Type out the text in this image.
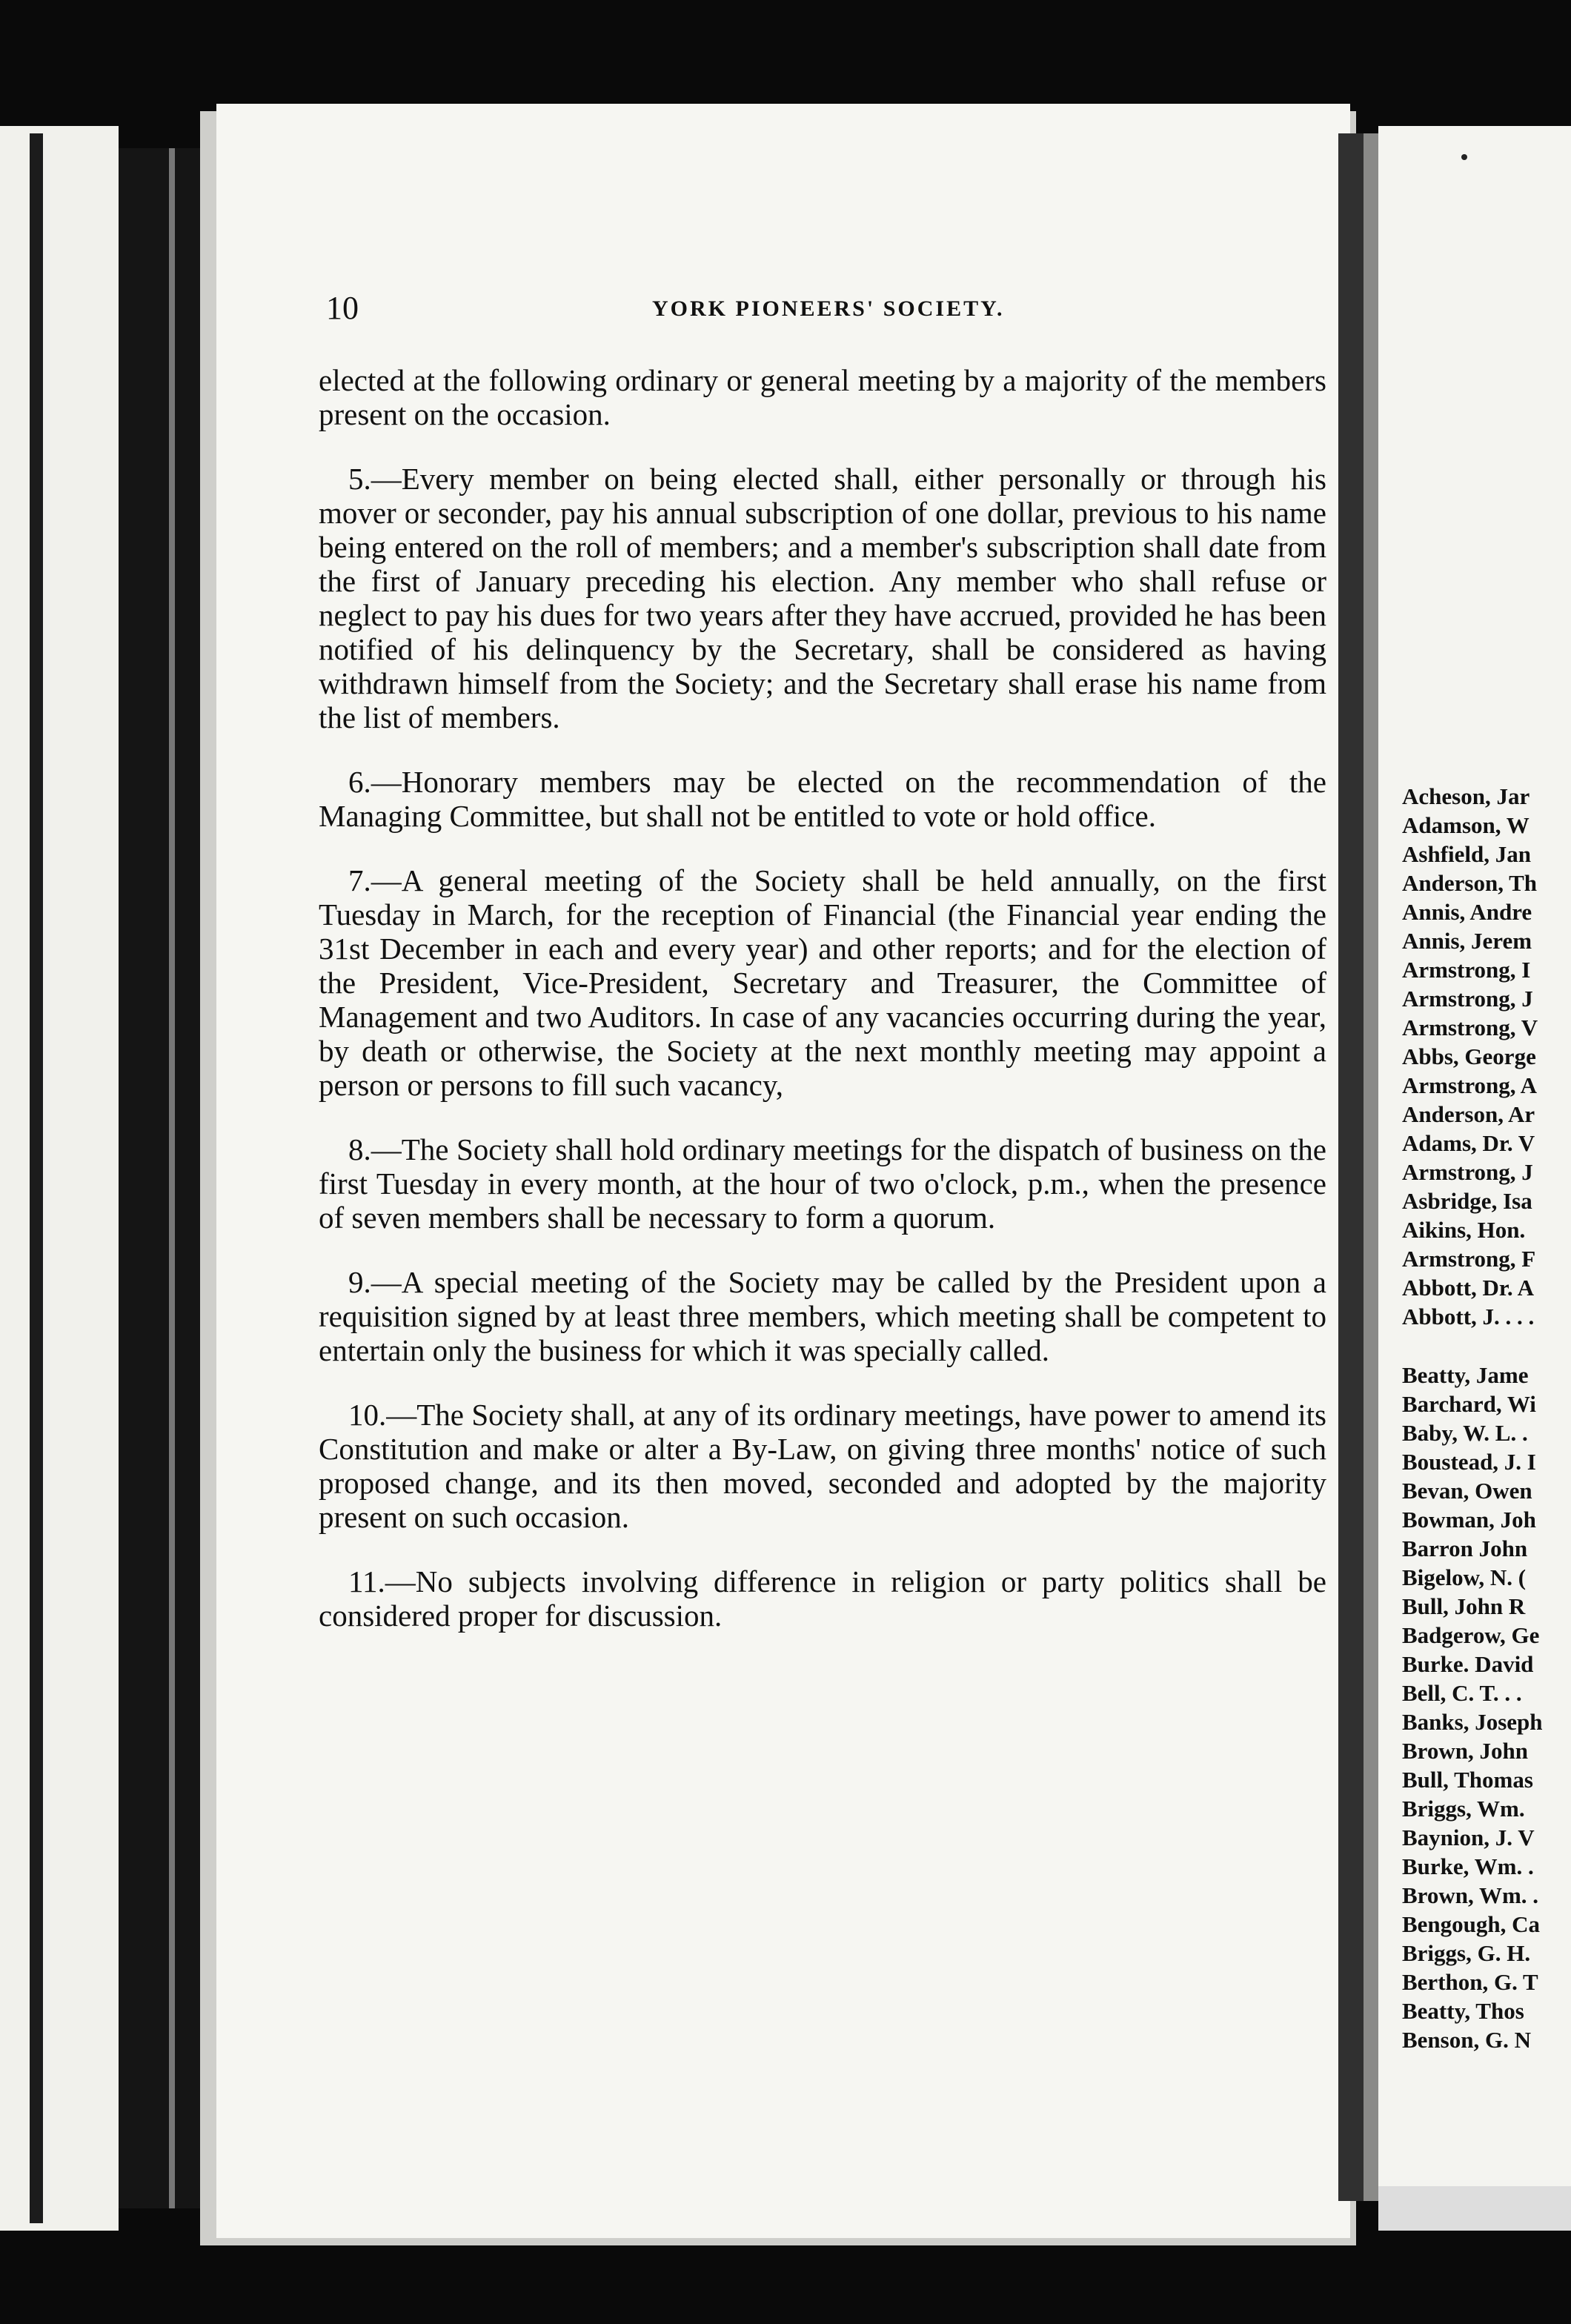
10	YORK PIONEERS' SOCIETY.

elected at the following ordinary or general meeting by a majority of the members present on the occasion.

5.—Every member on being elected shall, either personally or through his mover or seconder, pay his annual subscription of one dollar, previous to his name being entered on the roll of members; and a member's subscription shall date from the first of January preceding his election. Any member who shall refuse or neglect to pay his dues for two years after they have accrued, provided he has been notified of his delinquency by the Secretary, shall be considered as having withdrawn himself from the Society; and the Secretary shall erase his name from the list of members.

6.—Honorary members may be elected on the recommendation of the Managing Committee, but shall not be entitled to vote or hold office.

7.—A general meeting of the Society shall be held annually, on the first Tuesday in March, for the reception of Financial (the Financial year ending the 31st December in each and every year) and other reports; and for the election of the President, Vice-President, Secretary and Treasurer, the Committee of Management and two Auditors. In case of any vacancies occurring during the year, by death or otherwise, the Society at the next monthly meeting may appoint a person or persons to fill such vacancy,

8.—The Society shall hold ordinary meetings for the dispatch of business on the first Tuesday in every month, at the hour of two o'clock, p.m., when the presence of seven members shall be necessary to form a quorum.

9.—A special meeting of the Society may be called by the President upon a requisition signed by at least three members, which meeting shall be competent to entertain only the business for which it was specially called.

10.—The Society shall, at any of its ordinary meetings, have power to amend its Constitution and make or alter a By-Law, on giving three months' notice of such proposed change, and its then moved, seconded and adopted by the majority present on such occasion.

11.—No subjects involving difference in religion or party politics shall be considered proper for discussion.

Acheson, Jar
Adamson, W
Ashfield, Jan
Anderson, Th
Annis, Andre
Annis, Jerem
Armstrong, I
Armstrong, J
Armstrong, V
Abbs, George
Armstrong, A
Anderson, Ar
Adams, Dr. V
Armstrong, J
Asbridge, Isa
Aikins, Hon.
Armstrong, F
Abbott, Dr. A
Abbott, J. . . .
Beatty, Jame
Barchard, Wi
Baby, W. L. .
Boustead, J. I
Bevan, Owen
Bowman, Joh
Barron John
Bigelow, N. (
Bull, John R
Badgerow, Ge
Burke. David
Bell, C. T. . .
Banks, Joseph
Brown, John
Bull, Thomas
Briggs, Wm.
Baynion, J. V
Burke, Wm. .
Brown, Wm. .
Bengough, Ca
Briggs, G. H.
Berthon, G. T
Beatty, Thos
Benson, G. N
